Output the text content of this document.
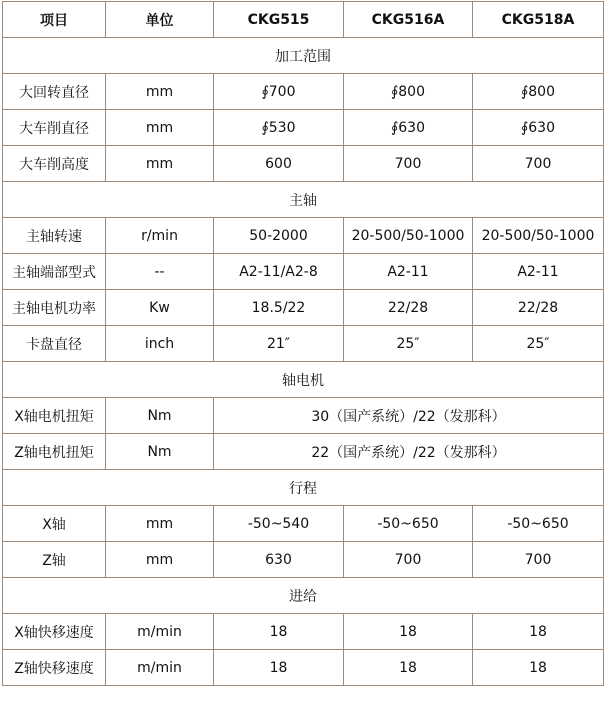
项目	单位	CKG515	CKG516A	CKG518A
加工范围				
大回转直径	mm	∮700	∮800	∮800
大车削直径	mm	∮530	∮630	∮630
大车削高度	mm	600	700	700
主轴				
主轴转速	r/min	50-2000	20-500/50-1000	20-500/50-1000
主轴端部型式	--	A2-11/A2-8	A2-11	A2-11
主轴电机功率	Kw	18.5/22	22/28	22/28
卡盘直径	inch	21″	25″	25″
轴电机				
X轴电机扭矩	Nm	30（国产系统）/22（发那科）		
Z轴电机扭矩	Nm	22（国产系统）/22（发那科）		
行程				
X轴	mm	-50~540	-50~650	-50~650
Z轴	mm	630	700	700
进给				
X轴快移速度	m/min	18	18	18
Z轴快移速度	m/min	18	18	18
